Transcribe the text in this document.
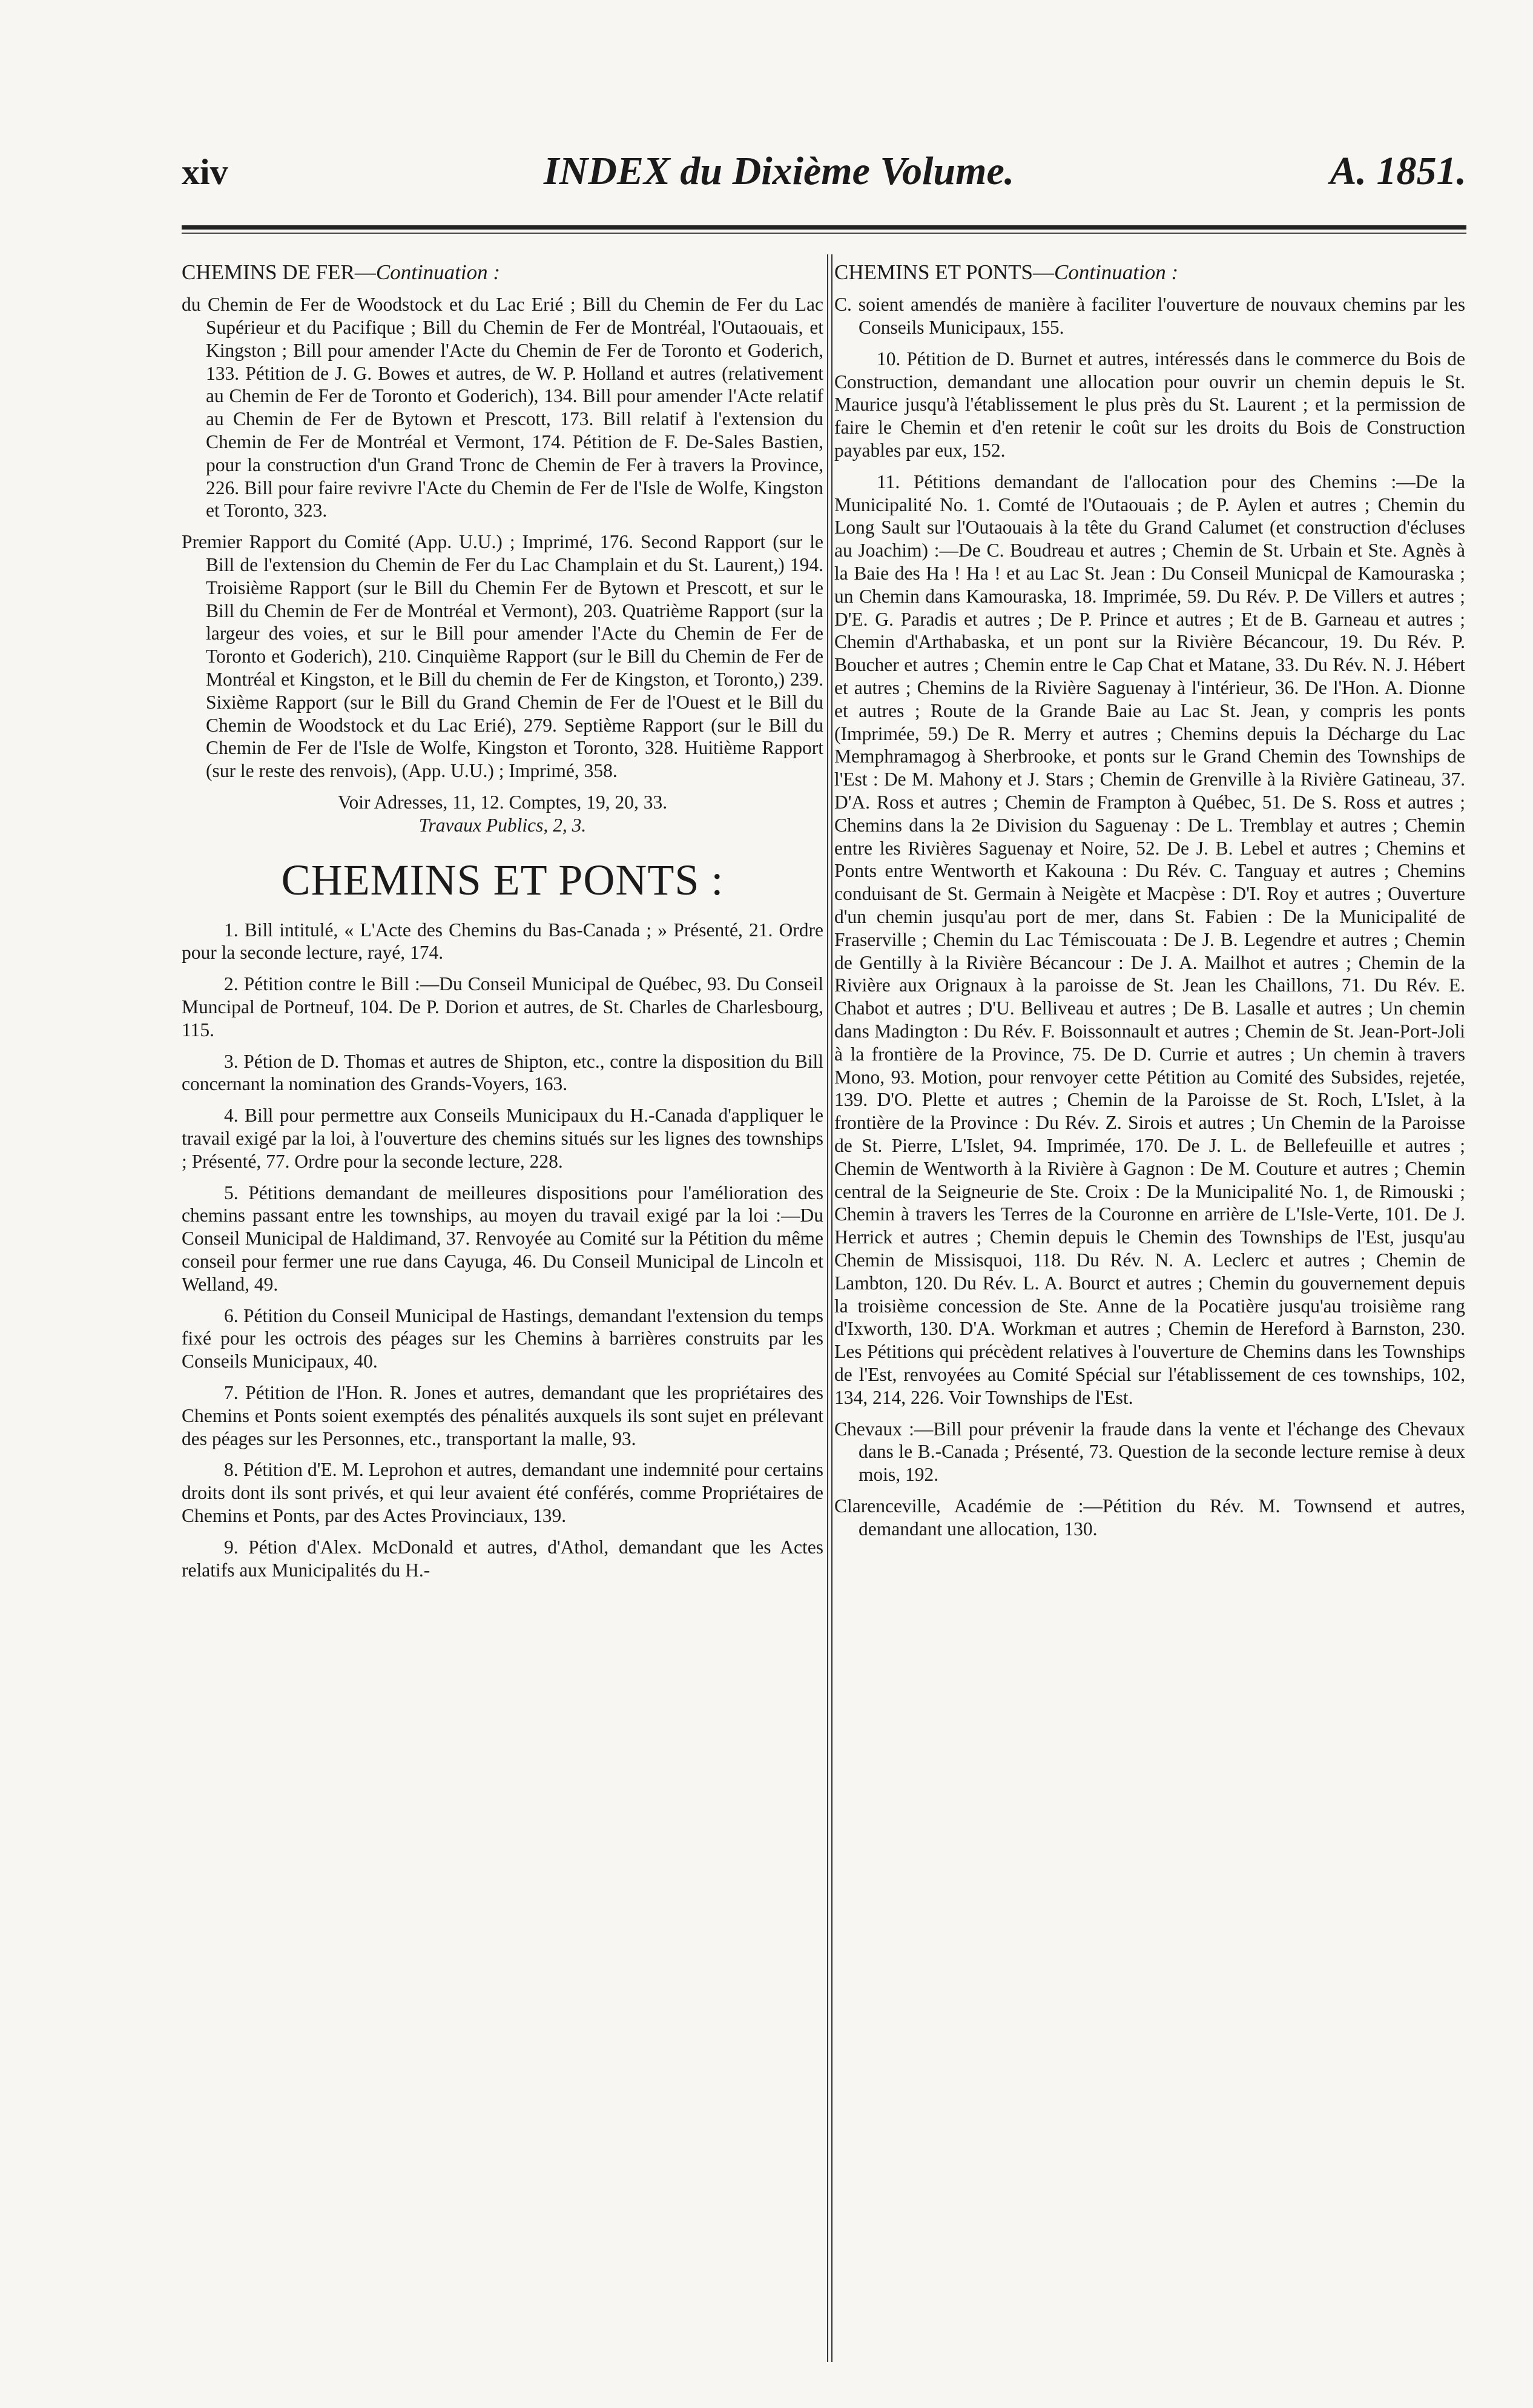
xiv	INDEX du Dixième Volume.	A. 1851.
CHEMINS DE FER—Continuation :

du Chemin de Fer de Woodstock et du Lac Erié ; Bill du Chemin de Fer du Lac Supérieur et du Pacifique ; Bill du Chemin de Fer de Montréal, l'Outaouais, et Kingston ; Bill pour amender l'Acte du Chemin de Fer de Toronto et Goderich, 133. Pétition de J. G. Bowes et autres, de W. P. Holland et autres (relativement au Chemin de Fer de Toronto et Goderich), 134. Bill pour amender l'Acte relatif au Chemin de Fer de Bytown et Prescott, 173. Bill relatif à l'extension du Chemin de Fer de Montréal et Vermont, 174. Pétition de F. De-Sales Bastien, pour la construction d'un Grand Tronc de Chemin de Fer à travers la Province, 226. Bill pour faire revivre l'Acte du Chemin de Fer de l'Isle de Wolfe, Kingston et Toronto, 323.

Premier Rapport du Comité (App. U.U.) ; Imprimé, 176. Second Rapport (sur le Bill de l'extension du Chemin de Fer du Lac Champlain et du St. Laurent,) 194. Troisième Rapport (sur le Bill du Chemin Fer de Bytown et Prescott, et sur le Bill du Chemin de Fer de Montréal et Vermont), 203. Quatrième Rapport (sur la largeur des voies, et sur le Bill pour amender l'Acte du Chemin de Fer de Toronto et Goderich), 210. Cinquième Rapport (sur le Bill du Chemin de Fer de Montréal et Kingston, et le Bill du chemin de Fer de Kingston, et Toronto,) 239. Sixième Rapport (sur le Bill du Grand Chemin de Fer de l'Ouest et le Bill du Chemin de Woodstock et du Lac Erié), 279. Septième Rapport (sur le Bill du Chemin de Fer de l'Isle de Wolfe, Kingston et Toronto, 328. Huitième Rapport (sur le reste des renvois), (App. U.U.) ; Imprimé, 358.

Voir Adresses, 11, 12. Comptes, 19, 20, 33.
Travaux Publics, 2, 3.
CHEMINS ET PONTS :

1. Bill intitulé, « L'Acte des Chemins du Bas-Canada ; » Présenté, 21. Ordre pour la seconde lecture, rayé, 174.

2. Pétition contre le Bill :—Du Conseil Municipal de Québec, 93. Du Conseil Muncipal de Portneuf, 104. De P. Dorion et autres, de St. Charles de Charlesbourg, 115.

3. Pétion de D. Thomas et autres de Shipton, etc., contre la disposition du Bill concernant la nomination des Grands-Voyers, 163.

4. Bill pour permettre aux Conseils Municipaux du H.-Canada d'appliquer le travail exigé par la loi, à l'ouverture des chemins situés sur les lignes des townships ; Présenté, 77. Ordre pour la seconde lecture, 228.

5. Pétitions demandant de meilleures dispositions pour l'amélioration des chemins passant entre les townships, au moyen du travail exigé par la loi :—Du Conseil Municipal de Haldimand, 37. Renvoyée au Comité sur la Pétition du même conseil pour fermer une rue dans Cayuga, 46. Du Conseil Municipal de Lincoln et Welland, 49.

6. Pétition du Conseil Municipal de Hastings, demandant l'extension du temps fixé pour les octrois des péages sur les Chemins à barrières construits par les Conseils Municipaux, 40.

7. Pétition de l'Hon. R. Jones et autres, demandant que les propriétaires des Chemins et Ponts soient exemptés des pénalités auxquels ils sont sujet en prélevant des péages sur les Personnes, etc., transportant la malle, 93.

8. Pétition d'E. M. Leprohon et autres, demandant une indemnité pour certains droits dont ils sont privés, et qui leur avaient été conférés, comme Propriétaires de Chemins et Ponts, par des Actes Provinciaux, 139.

9. Pétion d'Alex. McDonald et autres, d'Athol, demandant que les Actes relatifs aux Municipalités du H.-

CHEMINS ET PONTS—Continuation :

C. soient amendés de manière à faciliter l'ouverture de nouvaux chemins par les Conseils Municipaux, 155.

10. Pétition de D. Burnet et autres, intéressés dans le commerce du Bois de Construction, demandant une allocation pour ouvrir un chemin depuis le St. Maurice jusqu'à l'établissement le plus près du St. Laurent ; et la permission de faire le Chemin et d'en retenir le coût sur les droits du Bois de Construction payables par eux, 152.

11. Pétitions demandant de l'allocation pour des Chemins :—De la Municipalité No. 1. Comté de l'Outaouais ; de P. Aylen et autres ; Chemin du Long Sault sur l'Outaouais à la tête du Grand Calumet (et construction d'écluses au Joachim) :—De C. Boudreau et autres ; Chemin de St. Urbain et Ste. Agnès à la Baie des Ha ! Ha ! et au Lac St. Jean : Du Conseil Municpal de Kamouraska ; un Chemin dans Kamouraska, 18. Imprimée, 59. Du Rév. P. De Villers et autres ; D'E. G. Paradis et autres ; De P. Prince et autres ; Et de B. Garneau et autres ; Chemin d'Arthabaska, et un pont sur la Rivière Bécancour, 19. Du Rév. P. Boucher et autres ; Chemin entre le Cap Chat et Matane, 33. Du Rév. N. J. Hébert et autres ; Chemins de la Rivière Saguenay à l'intérieur, 36. De l'Hon. A. Dionne et autres ; Route de la Grande Baie au Lac St. Jean, y compris les ponts (Imprimée, 59.) De R. Merry et autres ; Chemins depuis la Décharge du Lac Memphramagog à Sherbrooke, et ponts sur le Grand Chemin des Townships de l'Est : De M. Mahony et J. Stars ; Chemin de Grenville à la Rivière Gatineau, 37. D'A. Ross et autres ; Chemin de Frampton à Québec, 51. De S. Ross et autres ; Chemins dans la 2e Division du Saguenay : De L. Tremblay et autres ; Chemin entre les Rivières Saguenay et Noire, 52. De J. B. Lebel et autres ; Chemins et Ponts entre Wentworth et Kakouna : Du Rév. C. Tanguay et autres ; Chemins conduisant de St. Germain à Neigète et Macpèse : D'I. Roy et autres ; Ouverture d'un chemin jusqu'au port de mer, dans St. Fabien : De la Municipalité de Fraserville ; Chemin du Lac Témiscouata : De J. B. Legendre et autres ; Chemin de Gentilly à la Rivière Bécancour : De J. A. Mailhot et autres ; Chemin de la Rivière aux Orignaux à la paroisse de St. Jean les Chaillons, 71. Du Rév. E. Chabot et autres ; D'U. Belliveau et autres ; De B. Lasalle et autres ; Un chemin dans Madington : Du Rév. F. Boissonnault et autres ; Chemin de St. Jean-Port-Joli à la frontière de la Province, 75. De D. Currie et autres ; Un chemin à travers Mono, 93. Motion, pour renvoyer cette Pétition au Comité des Subsides, rejetée, 139. D'O. Plette et autres ; Chemin de la Paroisse de St. Roch, L'Islet, à la frontière de la Province : Du Rév. Z. Sirois et autres ; Un Chemin de la Paroisse de St. Pierre, L'Islet, 94. Imprimée, 170. De J. L. de Bellefeuille et autres ; Chemin de Wentworth à la Rivière à Gagnon : De M. Couture et autres ; Chemin central de la Seigneurie de Ste. Croix : De la Municipalité No. 1, de Rimouski ; Chemin à travers les Terres de la Couronne en arrière de L'Isle-Verte, 101. De J. Herrick et autres ; Chemin depuis le Chemin des Townships de l'Est, jusqu'au Chemin de Missisquoi, 118. Du Rév. N. A. Leclerc et autres ; Chemin de Lambton, 120. Du Rév. L. A. Bourct et autres ; Chemin du gouvernement depuis la troisième concession de Ste. Anne de la Pocatière jusqu'au troisième rang d'Ixworth, 130. D'A. Workman et autres ; Chemin de Hereford à Barnston, 230. Les Pétitions qui précèdent relatives à l'ouverture de Chemins dans les Townships de l'Est, renvoyées au Comité Spécial sur l'établissement de ces townships, 102, 134, 214, 226. Voir Townships de l'Est.

Chevaux :—Bill pour prévenir la fraude dans la vente et l'échange des Chevaux dans le B.-Canada ; Présenté, 73. Question de la seconde lecture remise à deux mois, 192.

Clarenceville, Académie de :—Pétition du Rév. M. Townsend et autres, demandant une allocation, 130.
